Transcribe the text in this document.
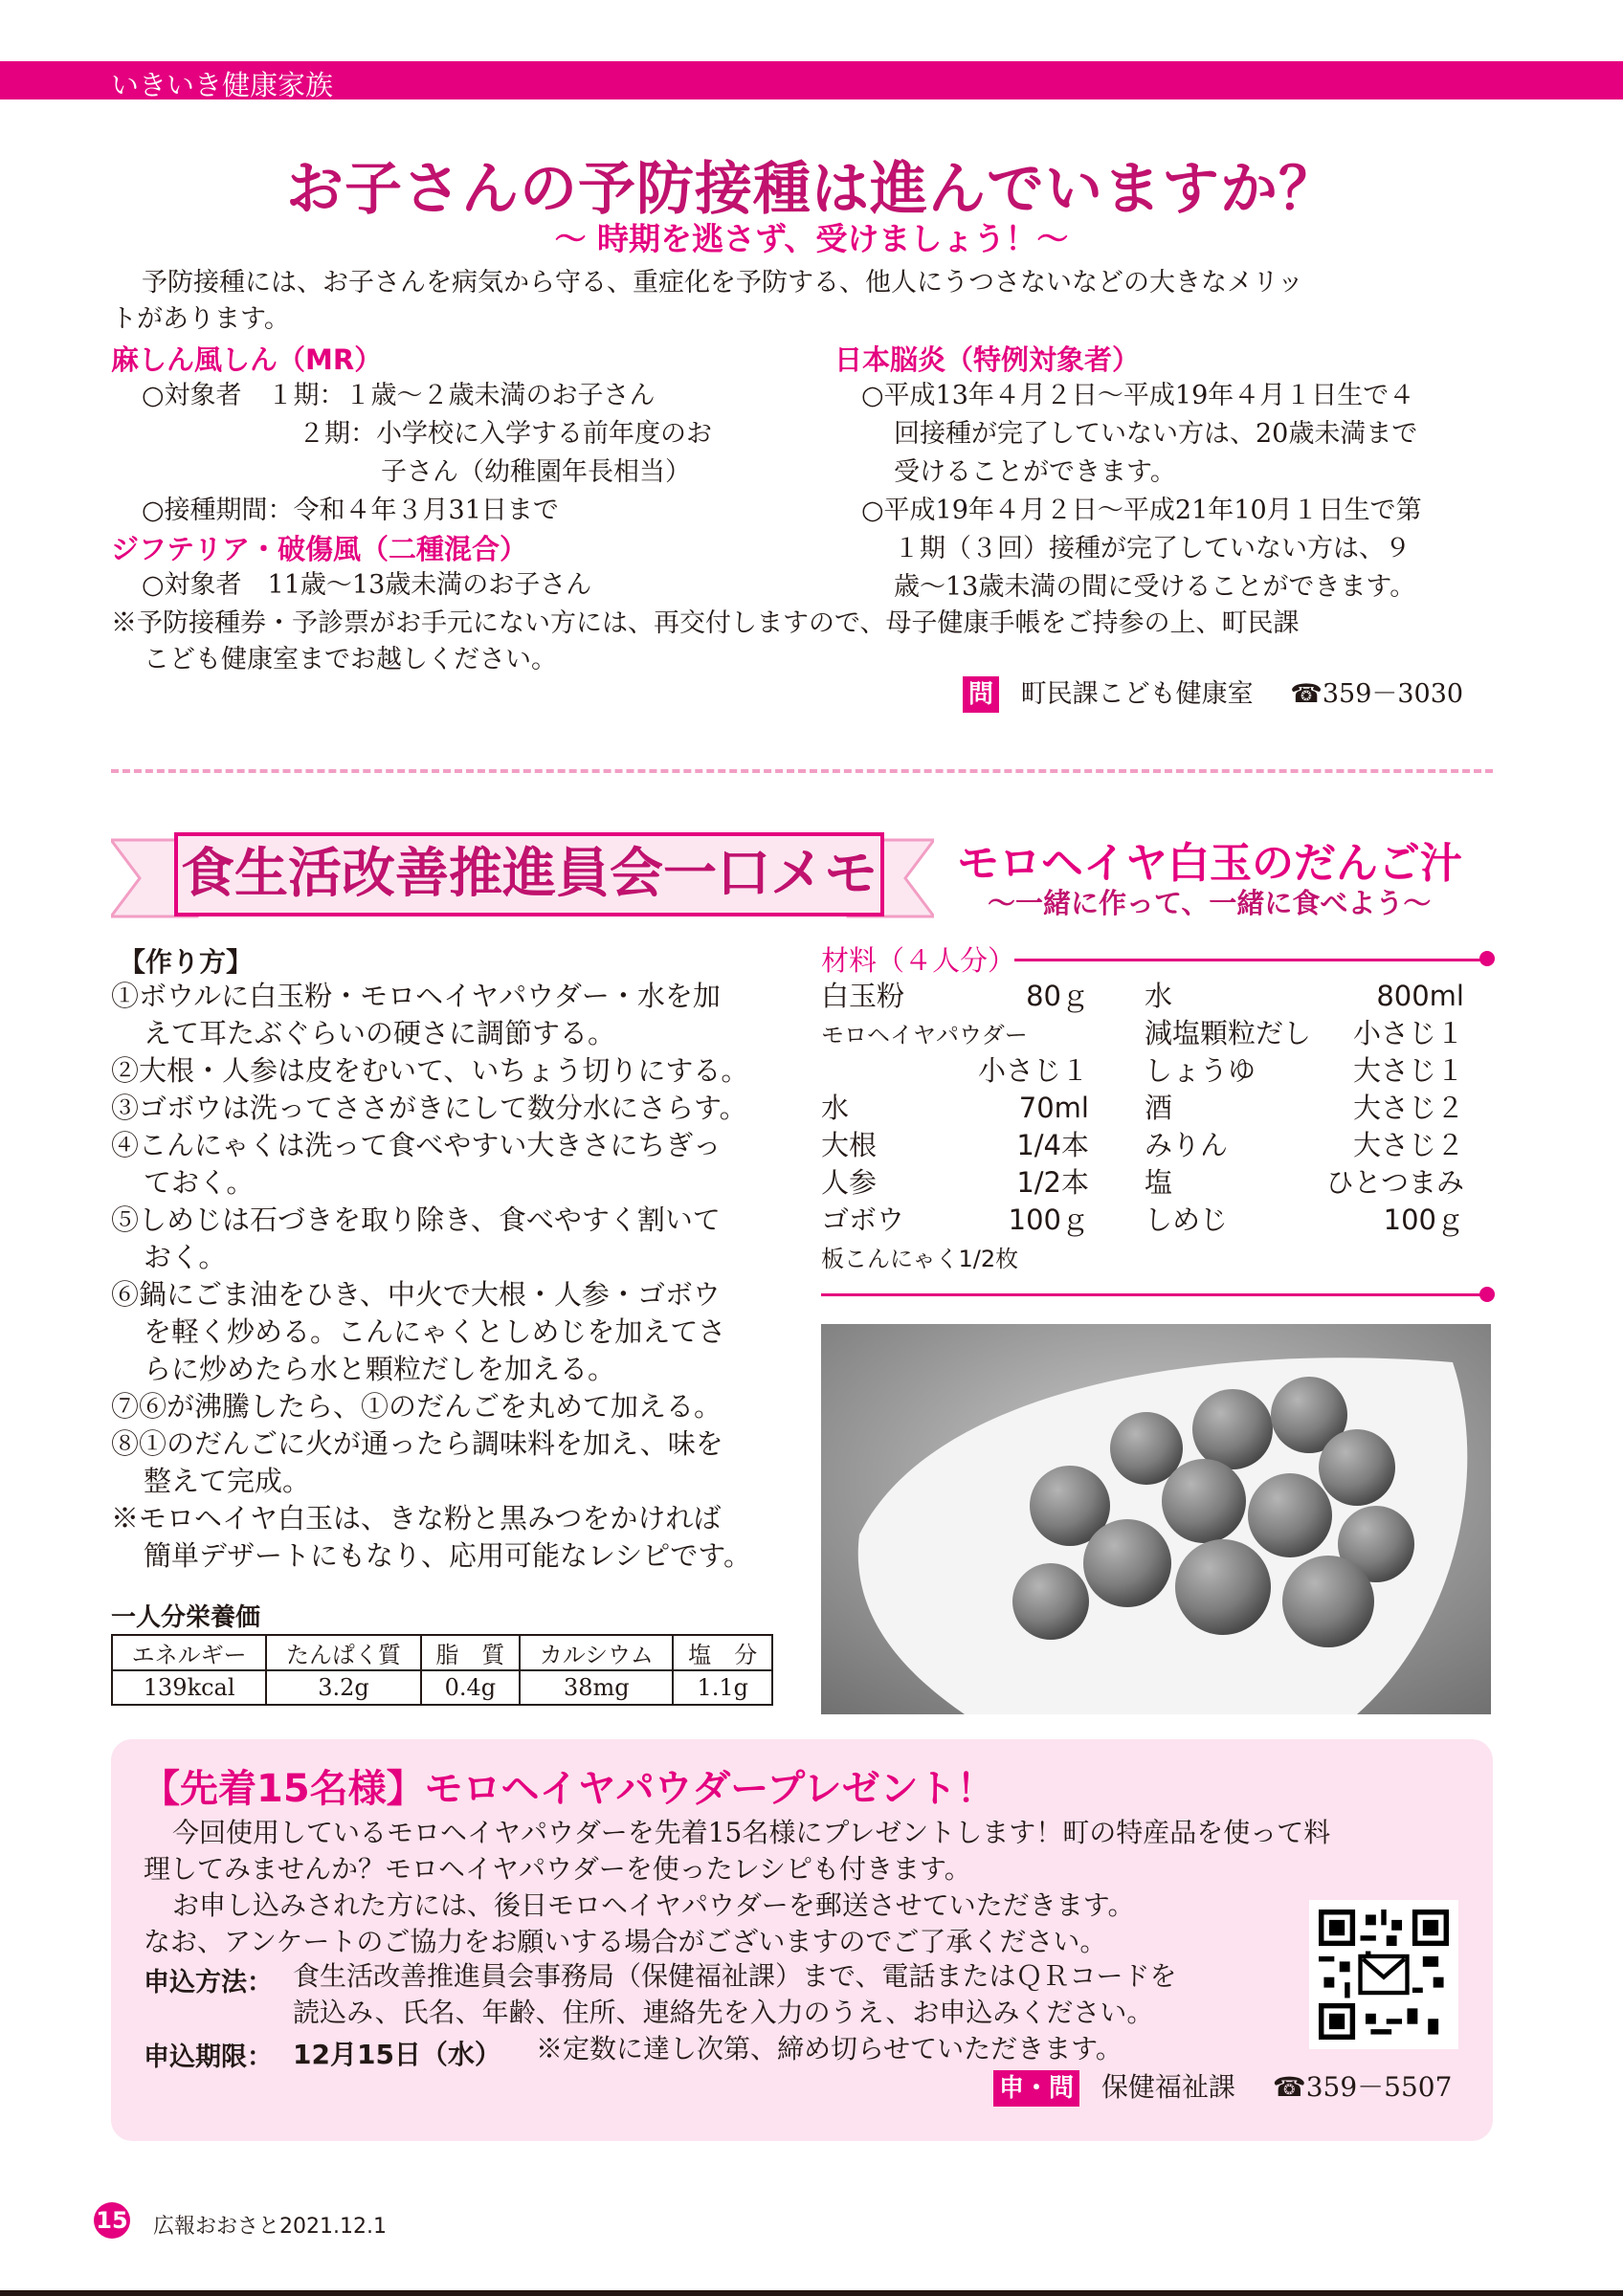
いきいき健康家族
お子さんの予防接種は進んでいますか？
～ 時期を逃さず、受けましょう！～
予防接種には、お子さんを病気から守る、重症化を予防する、他人にうつさないなどの大きなメリッ
トがあります。
麻しん風しん（MR）
○対象者　１期：１歳～２歳未満のお子さん
２期：小学校に入学する前年度のお
子さん（幼稚園年長相当）
○接種期間：令和４年３月31日まで
ジフテリア・破傷風（二種混合）
○対象者　11歳～13歳未満のお子さん
日本脳炎（特例対象者）
○平成13年４月２日～平成19年４月１日生で４
回接種が完了していない方は、20歳未満まで
受けることができます。
○平成19年４月２日～平成21年10月１日生で第
１期（３回）接種が完了していない方は、９
歳～13歳未満の間に受けることができます。
※予防接種券・予診票がお手元にない方には、再交付しますので、母子健康手帳をご持参の上、町民課
こども健康室までお越しください。
問 町民課こども健康室 ☎359－3030
食生活改善推進員会一口メモ モロヘイヤ白玉のだんご汁
～一緒に作って、一緒に食べよう～
【作り方】
①ボウルに白玉粉・モロヘイヤパウダー・水を加
えて耳たぶぐらいの硬さに調節する。
②大根・人参は皮をむいて、いちょう切りにする。
③ゴボウは洗ってささがきにして数分水にさらす。
④こんにゃくは洗って食べやすい大きさにちぎっ
ておく。
⑤しめじは石づきを取り除き、食べやすく割いて
おく。
⑥鍋にごま油をひき、中火で大根・人参・ゴボウ
を軽く炒める。こんにゃくとしめじを加えてさ
らに炒めたら水と顆粒だしを加える。
⑦⑥が沸騰したら、①のだんごを丸めて加える。
⑧①のだんごに火が通ったら調味料を加え、味を
整えて完成。
※モロヘイヤ白玉は、きな粉と黒みつをかければ
簡単デザートにもなり、応用可能なレシピです。
一人分栄養価
エネルギー	たんぱく質	脂　質	カルシウム	塩　分
139kcal	3.2g	0.4g	38mg	1.1g
材料（４人分）
白玉粉	80ｇ
モロヘイヤパウダー
小さじ１
水	70ml
大根	1/4本
人参	1/2本
ゴボウ	100ｇ
板こんにゃく1/2枚
水	800ml
減塩顆粒だし 小さじ１
しょうゆ	大さじ１
酒	大さじ２
みりん	大さじ２
塩	ひとつまみ
しめじ	100ｇ
【先着15名様】モロヘイヤパウダープレゼント！
今回使用しているモロヘイヤパウダーを先着15名様にプレゼントします！町の特産品を使って料
理してみませんか？モロヘイヤパウダーを使ったレシピも付きます。
お申し込みされた方には、後日モロヘイヤパウダーを郵送させていただきます。
なお、アンケートのご協力をお願いする場合がございますのでご了承ください。
申込方法： 食生活改善推進員会事務局（保健福祉課）まで、電話またはＱＲコードを
読込み、氏名、年齢、住所、連絡先を入力のうえ、お申込みください。
申込期限： 12月15日（水） ※定数に達し次第、締め切らせていただきます。
申・問 保健福祉課 ☎359－5507
15 広報おおさと2021.12.1
